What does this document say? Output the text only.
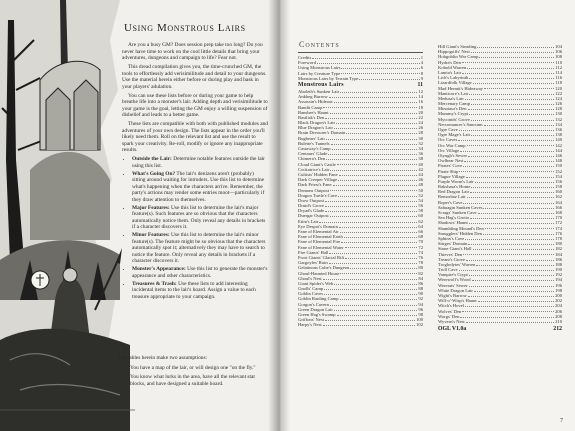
Using Monstrous Lairs

Are you a busy GM? Does session prep take too long? Do you never have time to work on the cool little details that bring your adventures, dungeons and campaign to life? Fear not.

This dread compilation gives you, the time-crunched GM, the tools to effortlessly add verisimilitude and detail to your dungeons. Use the material herein either before or during play and bask in your players' adulation.

You can use these lists before or during your game to help breathe life into a monster's lair. Adding depth and verisimilitude to your game is the goal, letting the GM enjoy a willing suspension of disbelief and leads to a better game.

These lists are compatible with both with published modules and adventures of your own design. The lists appear in the order you'll likely need them. Roll on the relevant list and use the result to spark your creativity. Re-roll, modify or ignore any inappropriate results.

• Outside the Lair: Determine notable features outside the lair using this list.
• What's Going On? The lair's denizens aren't (probably) sitting around waiting for intruders. Use this list to determine what's happening when the characters arrive. Remember, the party's actions may render some entries moot—particularly if they draw attention to themselves.
• Major Features: Use this list to determine the lair's major feature(s). Such features are so obvious that the characters automatically notice them. Only reveal any details in brackets if a character discovers it.
• Minor Features: Use this list to determine the lair's minor feature(s). The feature might be so obvious that the characters automatically spot it; alternatively they may have to search to notice the feature. Only reveal any details in brackets if a character discovers it.
• Monster's Appearance: Use this list to generate the monster's appearance and other characteristics.
• Treasures & Trash: Use these lists to add interesting incidental items to the lair's hoard. Assign a value to each treasure appropriate to your campaign.

The tables herein make two assumptions:

1. You have a map of the lair, or will design one "on the fly."
2. You know what lurks in the area, have all the relevant stat blocks, and have designed a suitable hoard.
6
Contents
Credits	1
Foreword	4
Using Monstrous Lairs	6
Lairs by Creature Type	8
Monstrous Lairs by Terrain Type	9
Monstrous Lairs	11
Aboleth's Sunken Lair	12
Ankheg Burrow	14
Assassin's Hideout	16
Bandit Camp	18
Banshee's Haunt	20
Basilisk's Den	22
Black Dragon's Lair	24
Blue Dragon's Lair	26
Brain Devourer's Domain	28
Bugbears' Lair	30
Bulette's Tunnels	32
Castaway's Camp	34
Centaurs' Glade	36
Chimera's Den	38
Cloud Giant's Castle	40
Cockatrice's Lair	42
Cultists' Hidden Fane	44
Dark Creeper Village	46
Dark Priest's Fane	48
Demons Outpost	50
Dragon Turtle's Cave	52
Drow Outpost	54
Druid's Grove	56
Dryad's Glade	58
Duergar Outpost	60
Ettin's Lair	62
Eye Despot's Domain	64
Fane of Elemental Air	66
Fane of Elemental Earth	68
Fane of Elemental Fire	70
Fane of Elemental Water	72
Fire Giants' Hall	74
Frost Giants' Glacial Rift	76
Gargoyles' Ruin	78
Gelatinous Cube's Dungeon	80
Ghoul-Haunted House	82
Ghoul's Nest	84
Giant Spider's Web	86
Gnolls' Camp	88
Goblin Caves	90
Goblin Raiding Camp	92
Gorgon's Cavern	94
Green Dragon Lair	96
Green Hag's Swamp	98
Griffons' Nest	100
Harpy's Nest	102
Hill Giant's Steading	104
Hippogriffs' Nest	106
Hobgoblin War Camp	108
Hydra's Den	110
Kobold Warren	112
Lamia's Lair	114
Lich's Labyrinth	116
Lizardfolk Village	118
Mad Hermit's Hideaway	120
Manticore's Lair	122
Medusa's Lair	124
Mercenary Camp	126
Minotaur's Den	128
Mummy's Crypt	130
Myconids' Grove	132
Necromancer's Sanctum	134
Ogre Cave	136
Ogre Mage's Lair	138
Orc Caves	140
Orc War Camp	142
Orc Village	144
Otyugh's Sewer	146
Owlbear Nest	148
Pirates' Cove	150
Pirate Ship	152
Plague Village	154
Purple Worm's Lair	156
Rakshasa's Home	158
Red Dragon Lair	160
Remorhaz Lair	162
Roper's Cave	164
Sahuagin Sunken Caves	166
Scrags' Sunken Cave	168
Sea Hag's Grotto	170
Shadows' Haunt	172
Shambling Mound's Den	174
Smugglers' Hidden Den	176
Sphinx's Cave	178
Stirges' Domain	180
Stone Giant's Hall	182
Thieves' Den	184
Treant's Grove	186
Troglodytes' Warren	188
Troll Cave	190
Vampire's Crypt	192
Werewolf's Wood	194
Wererats' Sewer	196
White Dragon Lair	198
Wight's Barrow	200
Will-o'-Wisp's Haunt	202
Witch's Hovel	204
Wolves' Den	206
Worgs' Den	208
Wyvern's Nest	210
OGL V1.0a	212
7
